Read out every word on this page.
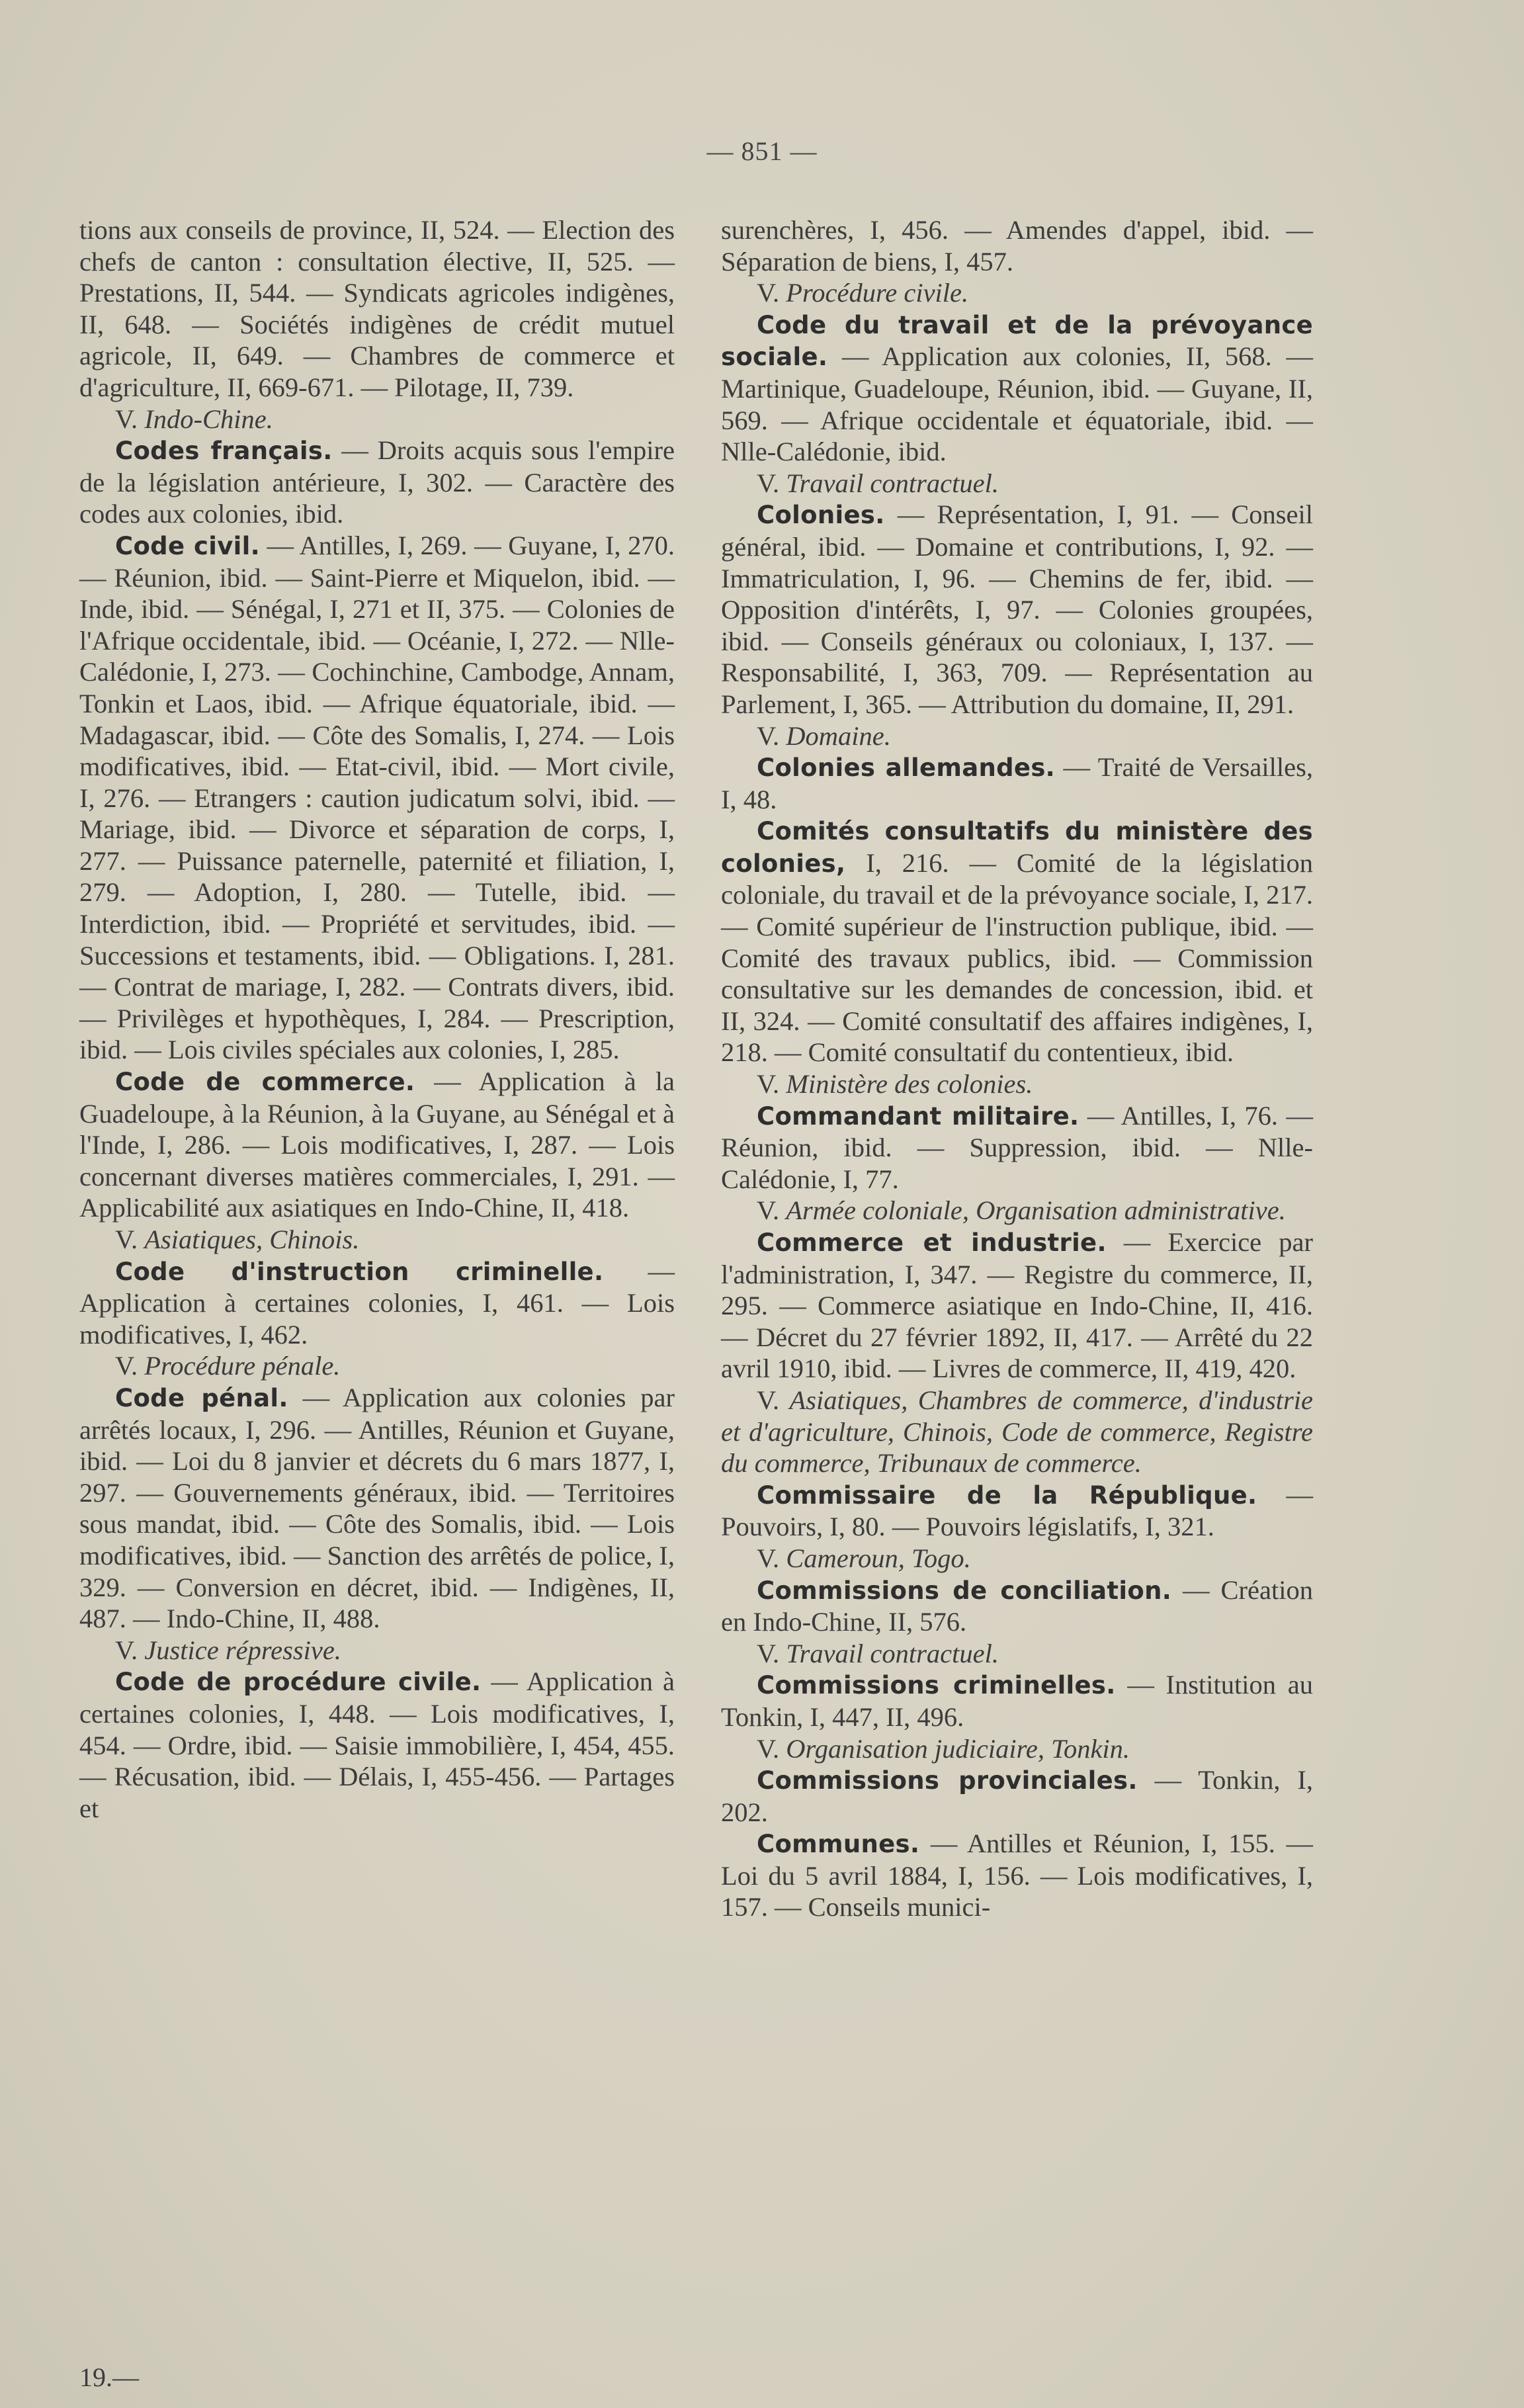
— 851 —

tions aux conseils de province, II, 524. — Election des chefs de canton : consultation élective, II, 525. — Prestations, II, 544. — Syndicats agricoles indigènes, II, 648. — Sociétés indigènes de crédit mutuel agricole, II, 649. — Chambres de commerce et d'agriculture, II, 669-671. — Pilotage, II, 739.

V. Indo-Chine.

Codes français. — Droits acquis sous l'empire de la législation antérieure, I, 302. — Caractère des codes aux colonies, ibid.

Code civil. — Antilles, I, 269. — Guyane, I, 270. — Réunion, ibid. — Saint-Pierre et Miquelon, ibid. — Inde, ibid. — Sénégal, I, 271 et II, 375. — Colonies de l'Afrique occidentale, ibid. — Océanie, I, 272. — Nlle-Calédonie, I, 273. — Cochinchine, Cambodge, Annam, Tonkin et Laos, ibid. — Afrique équatoriale, ibid. — Madagascar, ibid. — Côte des Somalis, I, 274. — Lois modificatives, ibid. — Etat-civil, ibid. — Mort civile, I, 276. — Etrangers : caution judicatum solvi, ibid. — Mariage, ibid. — Divorce et séparation de corps, I, 277. — Puissance paternelle, paternité et filiation, I, 279. — Adoption, I, 280. — Tutelle, ibid. — Interdiction, ibid. — Propriété et servitudes, ibid. — Successions et testaments, ibid. — Obligations. I, 281. — Contrat de mariage, I, 282. — Contrats divers, ibid. — Privilèges et hypothèques, I, 284. — Prescription, ibid. — Lois civiles spéciales aux colonies, I, 285.

Code de commerce. — Application à la Guadeloupe, à la Réunion, à la Guyane, au Sénégal et à l'Inde, I, 286. — Lois modificatives, I, 287. — Lois concernant diverses matières commerciales, I, 291. — Applicabilité aux asiatiques en Indo-Chine, II, 418.

V. Asiatiques, Chinois.

Code d'instruction criminelle. — Application à certaines colonies, I, 461. — Lois modificatives, I, 462.

V. Procédure pénale.

Code pénal. — Application aux colonies par arrêtés locaux, I, 296. — Antilles, Réunion et Guyane, ibid. — Loi du 8 janvier et décrets du 6 mars 1877, I, 297. — Gouvernements généraux, ibid. — Territoires sous mandat, ibid. — Côte des Somalis, ibid. — Lois modificatives, ibid. — Sanction des arrêtés de police, I, 329. — Conversion en décret, ibid. — Indigènes, II, 487. — Indo-Chine, II, 488.

V. Justice répressive.

Code de procédure civile. — Application à certaines colonies, I, 448. — Lois modificatives, I, 454. — Ordre, ibid. — Saisie immobilière, I, 454, 455. — Récusation, ibid. — Délais, I, 455-456. — Partages et

surenchères, I, 456. — Amendes d'appel, ibid. — Séparation de biens, I, 457.

V. Procédure civile.

Code du travail et de la prévoyance sociale. — Application aux colonies, II, 568. — Martinique, Guadeloupe, Réunion, ibid. — Guyane, II, 569. — Afrique occidentale et équatoriale, ibid. — Nlle-Calédonie, ibid.

V. Travail contractuel.

Colonies. — Représentation, I, 91. — Conseil général, ibid. — Domaine et contributions, I, 92. — Immatriculation, I, 96. — Chemins de fer, ibid. — Opposition d'intérêts, I, 97. — Colonies groupées, ibid. — Conseils généraux ou coloniaux, I, 137. — Responsabilité, I, 363, 709. — Représentation au Parlement, I, 365. — Attribution du domaine, II, 291.

V. Domaine.

Colonies allemandes. — Traité de Versailles, I, 48.

Comités consultatifs du ministère des colonies, I, 216. — Comité de la législation coloniale, du travail et de la prévoyance sociale, I, 217. — Comité supérieur de l'instruction publique, ibid. — Comité des travaux publics, ibid. — Commission consultative sur les demandes de concession, ibid. et II, 324. — Comité consultatif des affaires indigènes, I, 218. — Comité consultatif du contentieux, ibid.

V. Ministère des colonies.

Commandant militaire. — Antilles, I, 76. — Réunion, ibid. — Suppression, ibid. — Nlle-Calédonie, I, 77.

V. Armée coloniale, Organisation administrative.

Commerce et industrie. — Exercice par l'administration, I, 347. — Registre du commerce, II, 295. — Commerce asiatique en Indo-Chine, II, 416. — Décret du 27 février 1892, II, 417. — Arrêté du 22 avril 1910, ibid. — Livres de commerce, II, 419, 420.

V. Asiatiques, Chambres de commerce, d'industrie et d'agriculture, Chinois, Code de commerce, Registre du commerce, Tribunaux de commerce.

Commissaire de la République. — Pouvoirs, I, 80. — Pouvoirs législatifs, I, 321.

V. Cameroun, Togo.

Commissions de conciliation. — Création en Indo-Chine, II, 576.

V. Travail contractuel.

Commissions criminelles. — Institution au Tonkin, I, 447, II, 496.

V. Organisation judiciaire, Tonkin.

Commissions provinciales. — Tonkin, I, 202.

Communes. — Antilles et Réunion, I, 155. — Loi du 5 avril 1884, I, 156. — Lois modificatives, I, 157. — Conseils munici-

19.—
